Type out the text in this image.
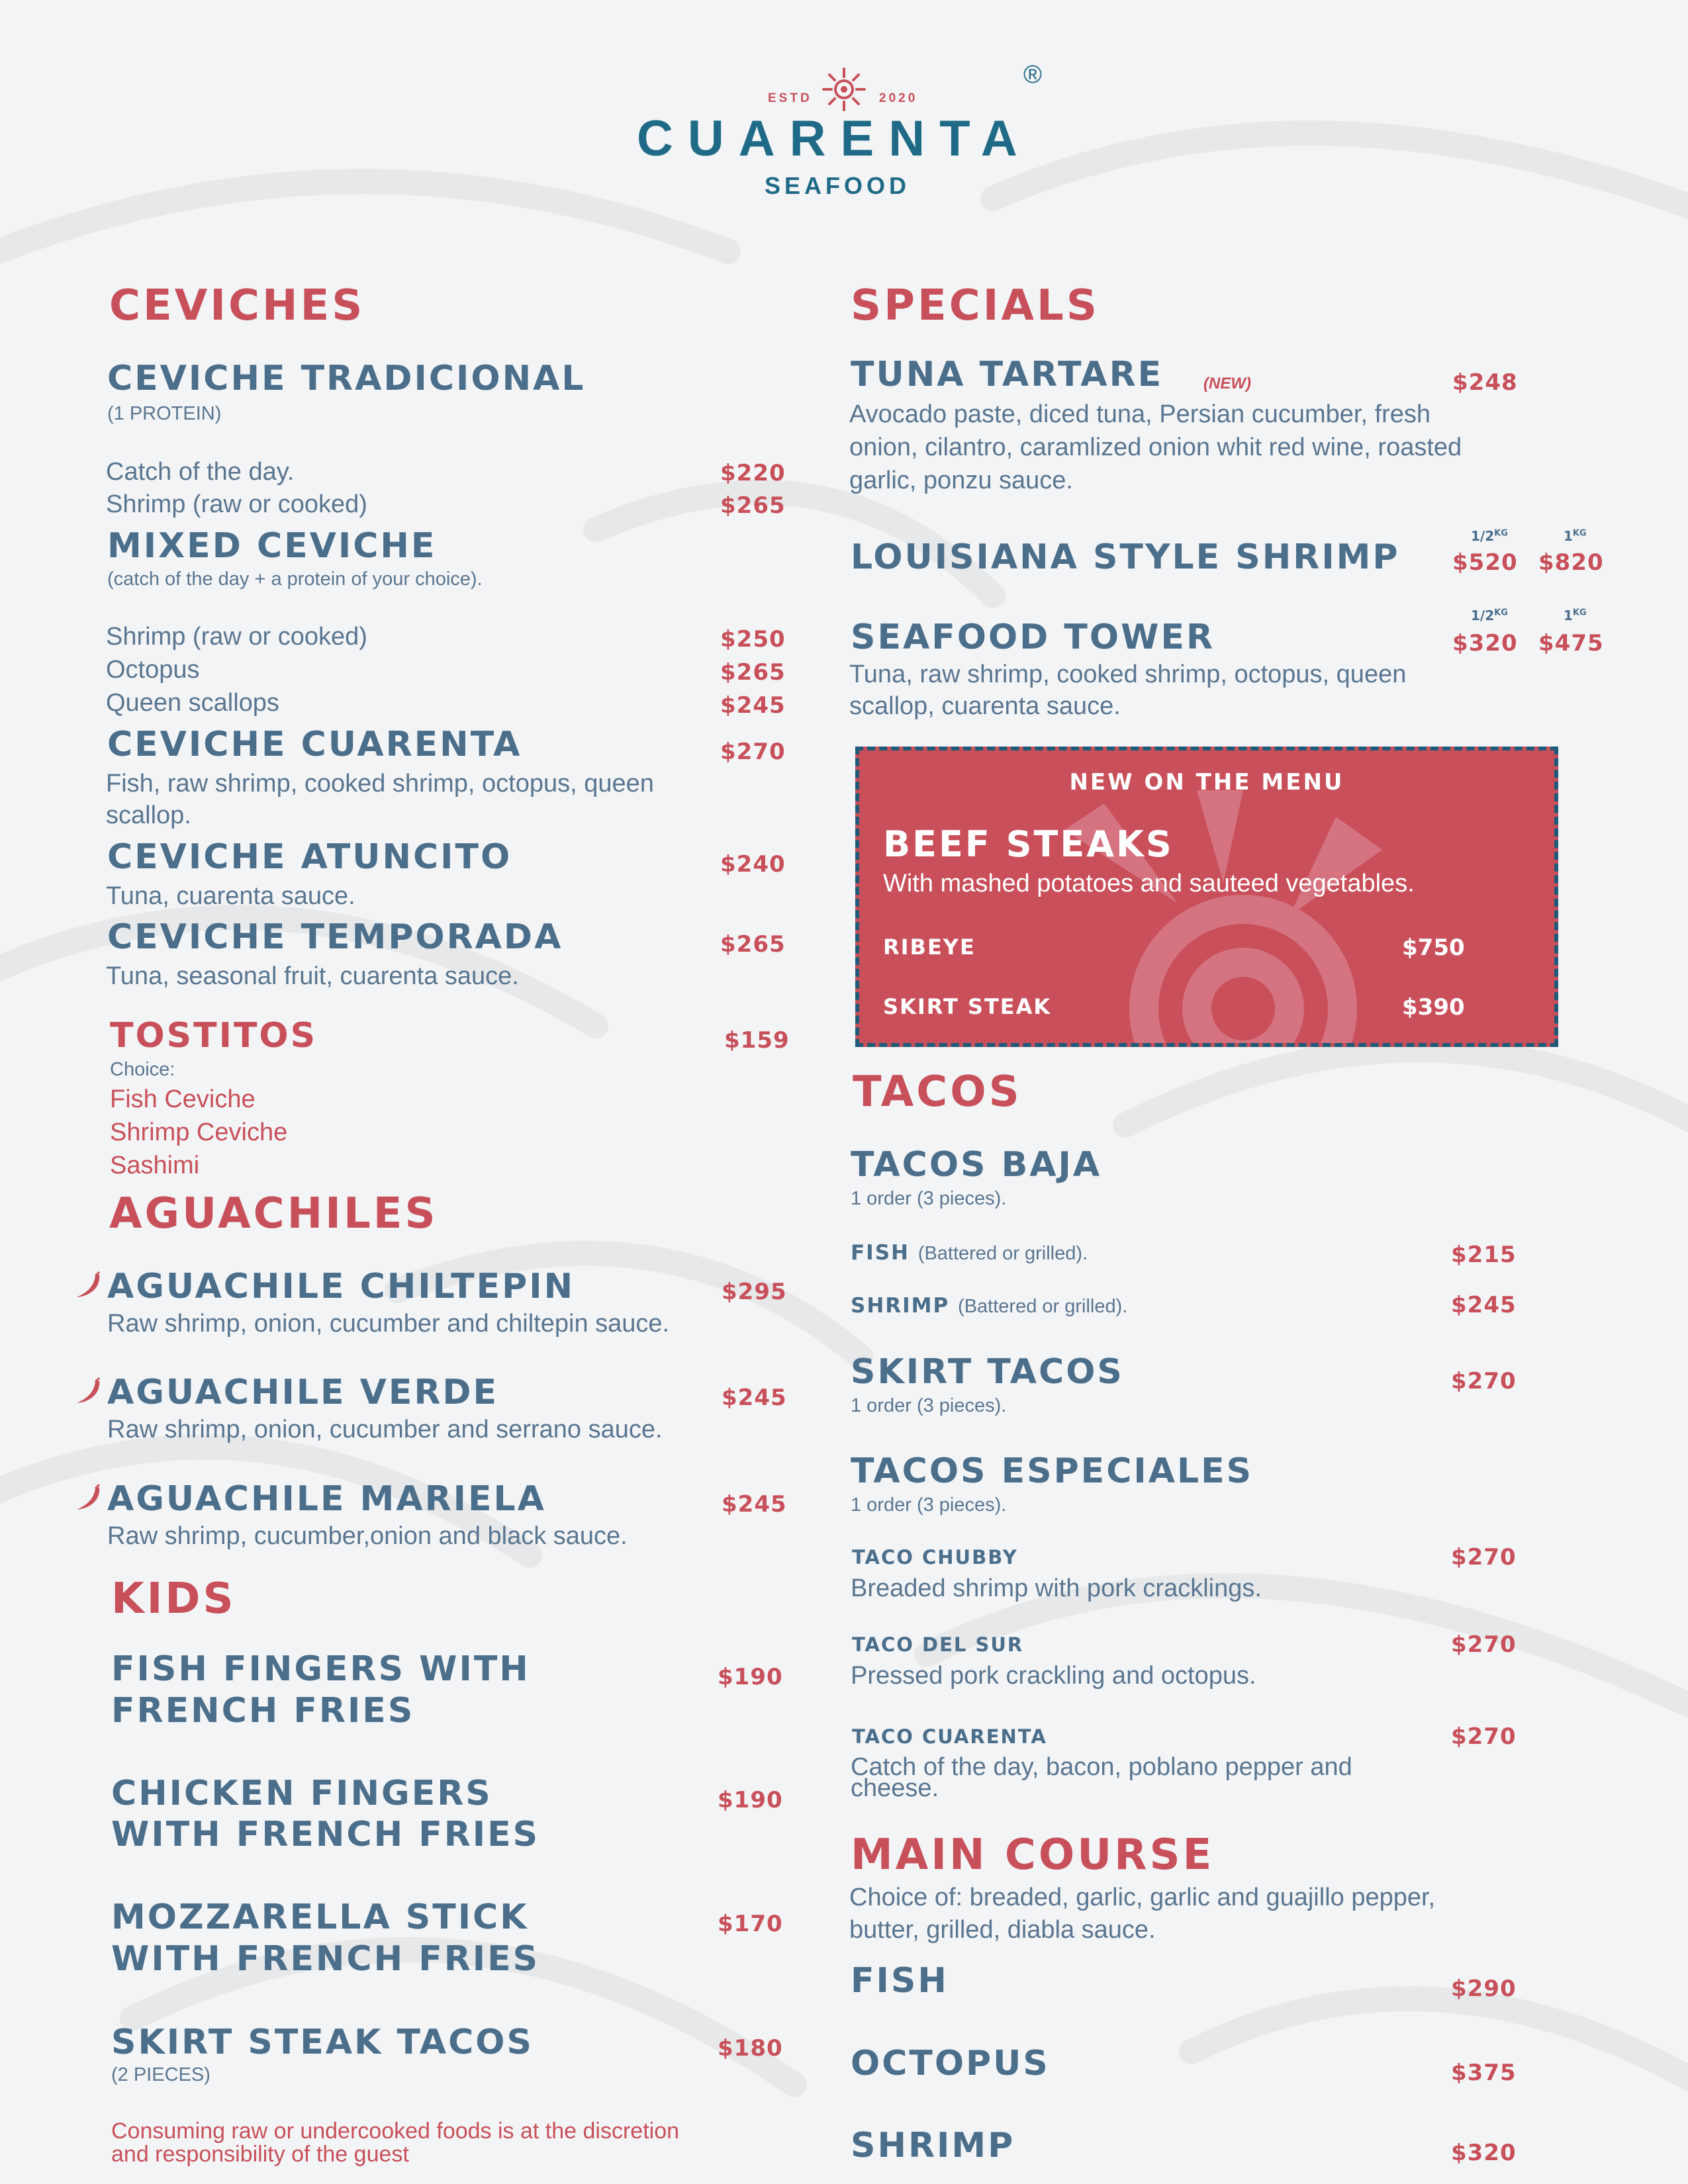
ESTD	2020
®
CUARENTA
SEAFOOD
CEVICHES
CEVICHE TRADICIONAL
(1 PROTEIN)
Catch of the day.	$220
Shrimp (raw or cooked)	$265
MIXED CEVICHE
(catch of the day + a protein of your choice).
Shrimp (raw or cooked)	$250
Octopus	$265
Queen scallops	$245
CEVICHE CUARENTA	$270
Fish, raw shrimp, cooked shrimp, octopus, queen
scallop.
CEVICHE ATUNCITO	$240
Tuna, cuarenta sauce.
CEVICHE TEMPORADA	$265
Tuna, seasonal fruit, cuarenta sauce.
TOSTITOS	$159
Choice:
Fish Ceviche
Shrimp Ceviche
Sashimi
AGUACHILES
AGUACHILE CHILTEPIN	$295
Raw shrimp, onion, cucumber and chiltepin sauce.
AGUACHILE VERDE	$245
Raw shrimp, onion, cucumber and serrano sauce.
AGUACHILE MARIELA	$245
Raw shrimp, cucumber,onion and black sauce.
KIDS
FISH FINGERS WITH
FRENCH FRIES
$190
CHICKEN FINGERS
WITH FRENCH FRIES
$190
MOZZARELLA STICK
WITH FRENCH FRIES
$170
SKIRT STEAK TACOS
(2 PIECES)
$180
Consuming raw or undercooked foods is at the discretion
and responsibility of the guest
SPECIALS
TUNA TARTARE	(NEW)	$248
Avocado paste, diced tuna, Persian cucumber, fresh
onion, cilantro, caramlized onion whit red wine, roasted
garlic, ponzu sauce.
LOUISIANA STYLE SHRIMP
$1/2^{KG}$	$1^{KG}$
$520 $820
SEAFOOD TOWER
$1/2^{KG}$	$1^{KG}$
$320 $475
Tuna, raw shrimp, cooked shrimp, octopus, queen
scallop, cuarenta sauce.
NEW ON THE MENU
BEEF STEAKS
With mashed potatoes and sauteed vegetables.
RIBEYE	$750
SKIRT STEAK	$390
TACOS
TACOS BAJA
1 order (3 pieces).
FISH (Battered or grilled).	$215
SHRIMP (Battered or grilled).	$245
SKIRT TACOS
1 order (3 pieces).
$270
TACOS ESPECIALES
1 order (3 pieces).
TACO CHUBBY	$270
Breaded shrimp with pork cracklings.
TACO DEL SUR	$270
Pressed pork crackling and octopus.
TACO CUARENTA	$270
Catch of the day, bacon, poblano pepper and
cheese.
MAIN COURSE
Choice of: breaded, garlic, garlic and guajillo pepper,
butter, grilled, diabla sauce.
FISH	$290
OCTOPUS	$375
SHRIMP	$320
